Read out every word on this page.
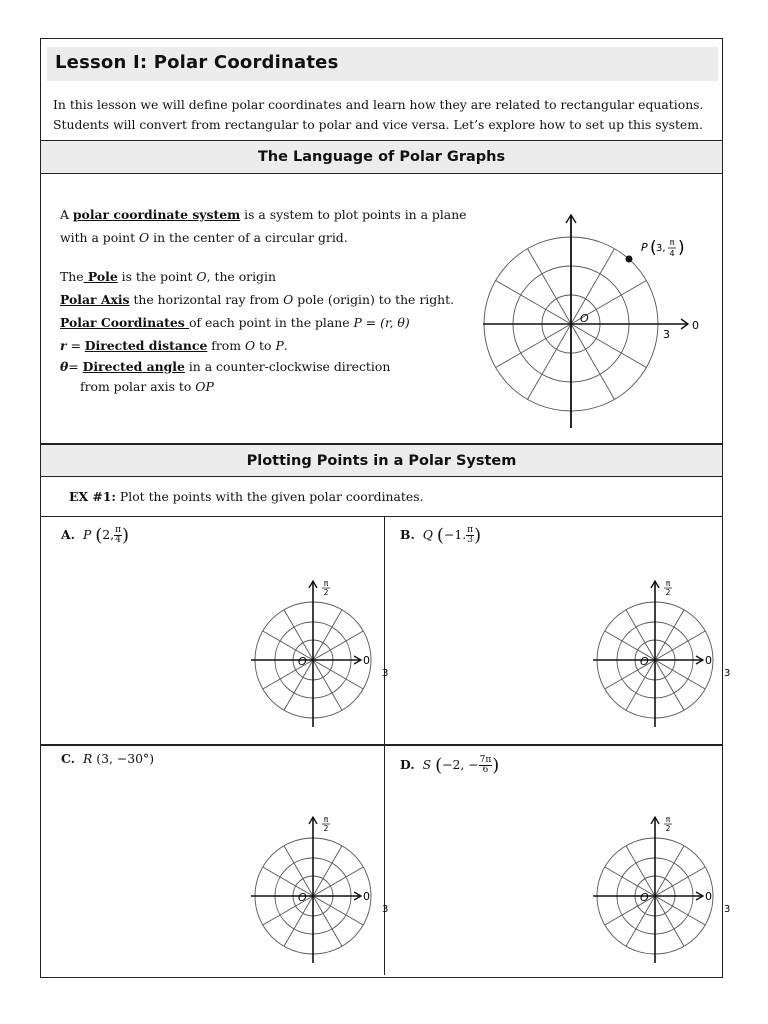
Lesson I: Polar Coordinates
In this lesson we will define polar coordinates and learn how they are related to rectangular equations. Students will convert from rectangular to polar and vice versa. Let’s explore how to set up this system.
The Language of Polar Graphs
A polar coordinate system is a system to plot points in a plane
with a point O in the center of a circular grid.
The Pole is the point O, the origin
Polar Axis the horizontal ray from O pole (origin) to the right.
Polar Coordinates of each point in the plane P = (r, θ)
r = Directed distance from O to P.
θ= Directed angle in a counter-clockwise direction
from polar axis to OP
P ( 3,
π
4 )
O
3
0
Plotting Points in a Polar System
EX #1: Plot the points with the given polar coordinates.
A. P (2, $\frac{\pi}{4}$ )	B. Q (−1. $\frac{\pi}{3}$ )
C. R (3, −30°)	D. S (−2, − $\frac{7\pi}{6}$ )
π
2
O
3
0
π
2
O
3
0
π
2
O
3
0
π
2
O
3
0
